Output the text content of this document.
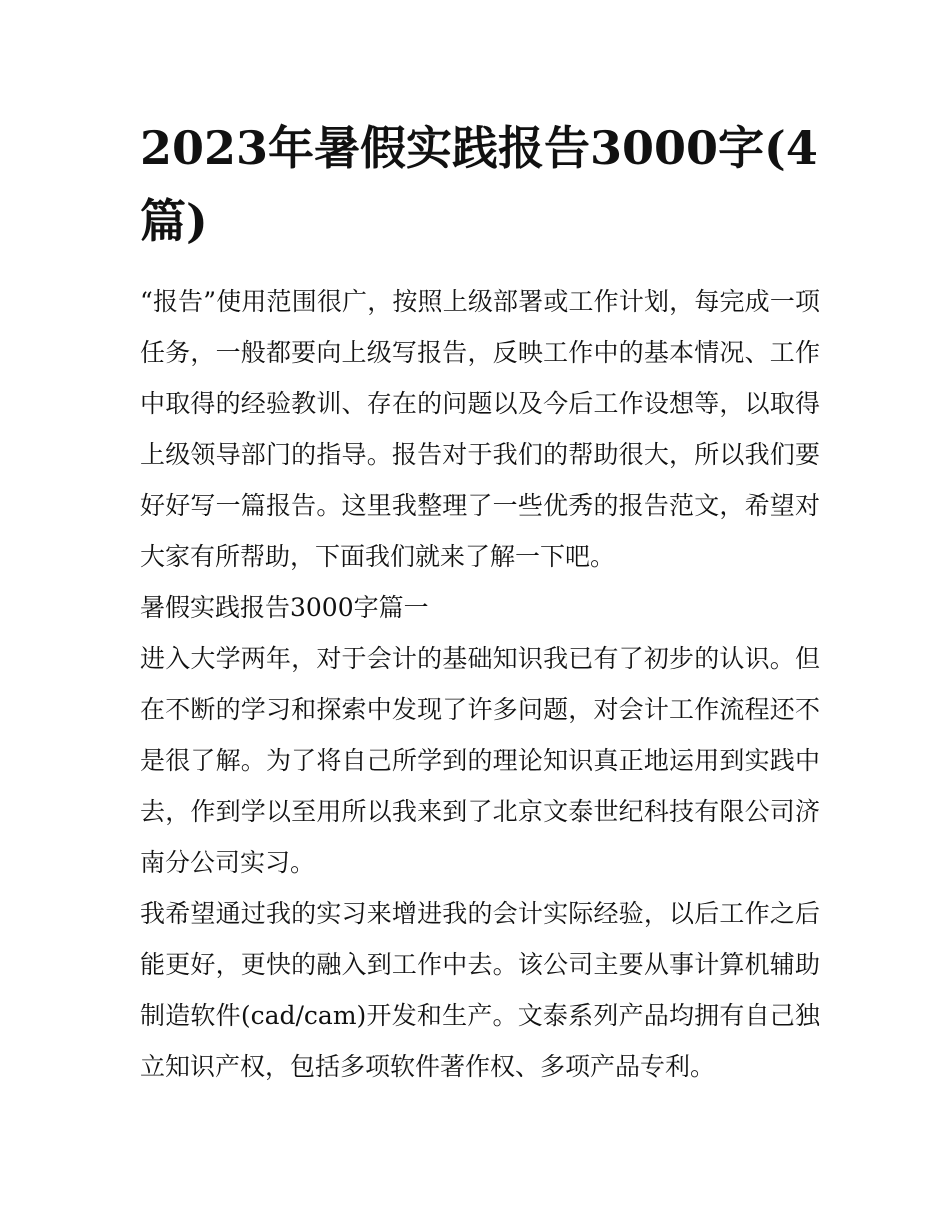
2023年暑假实践报告3000字(4篇)

“报告”使用范围很广，按照上级部署或工作计划，每完成一项任务，一般都要向上级写报告，反映工作中的基本情况、工作中取得的经验教训、存在的问题以及今后工作设想等，以取得上级领导部门的指导。报告对于我们的帮助很大，所以我们要好好写一篇报告。这里我整理了一些优秀的报告范文，希望对大家有所帮助，下面我们就来了解一下吧。

暑假实践报告3000字篇一

进入大学两年，对于会计的基础知识我已有了初步的认识。但在不断的学习和探索中发现了许多问题，对会计工作流程还不是很了解。为了将自己所学到的理论知识真正地运用到实践中去，作到学以至用所以我来到了北京文泰世纪科技有限公司济南分公司实习。

我希望通过我的实习来增进我的会计实际经验，以后工作之后能更好，更快的融入到工作中去。该公司主要从事计算机辅助制造软件(cad/cam)开发和生产。文泰系列产品均拥有自己独立知识产权，包括多项软件著作权、多项产品专利。
